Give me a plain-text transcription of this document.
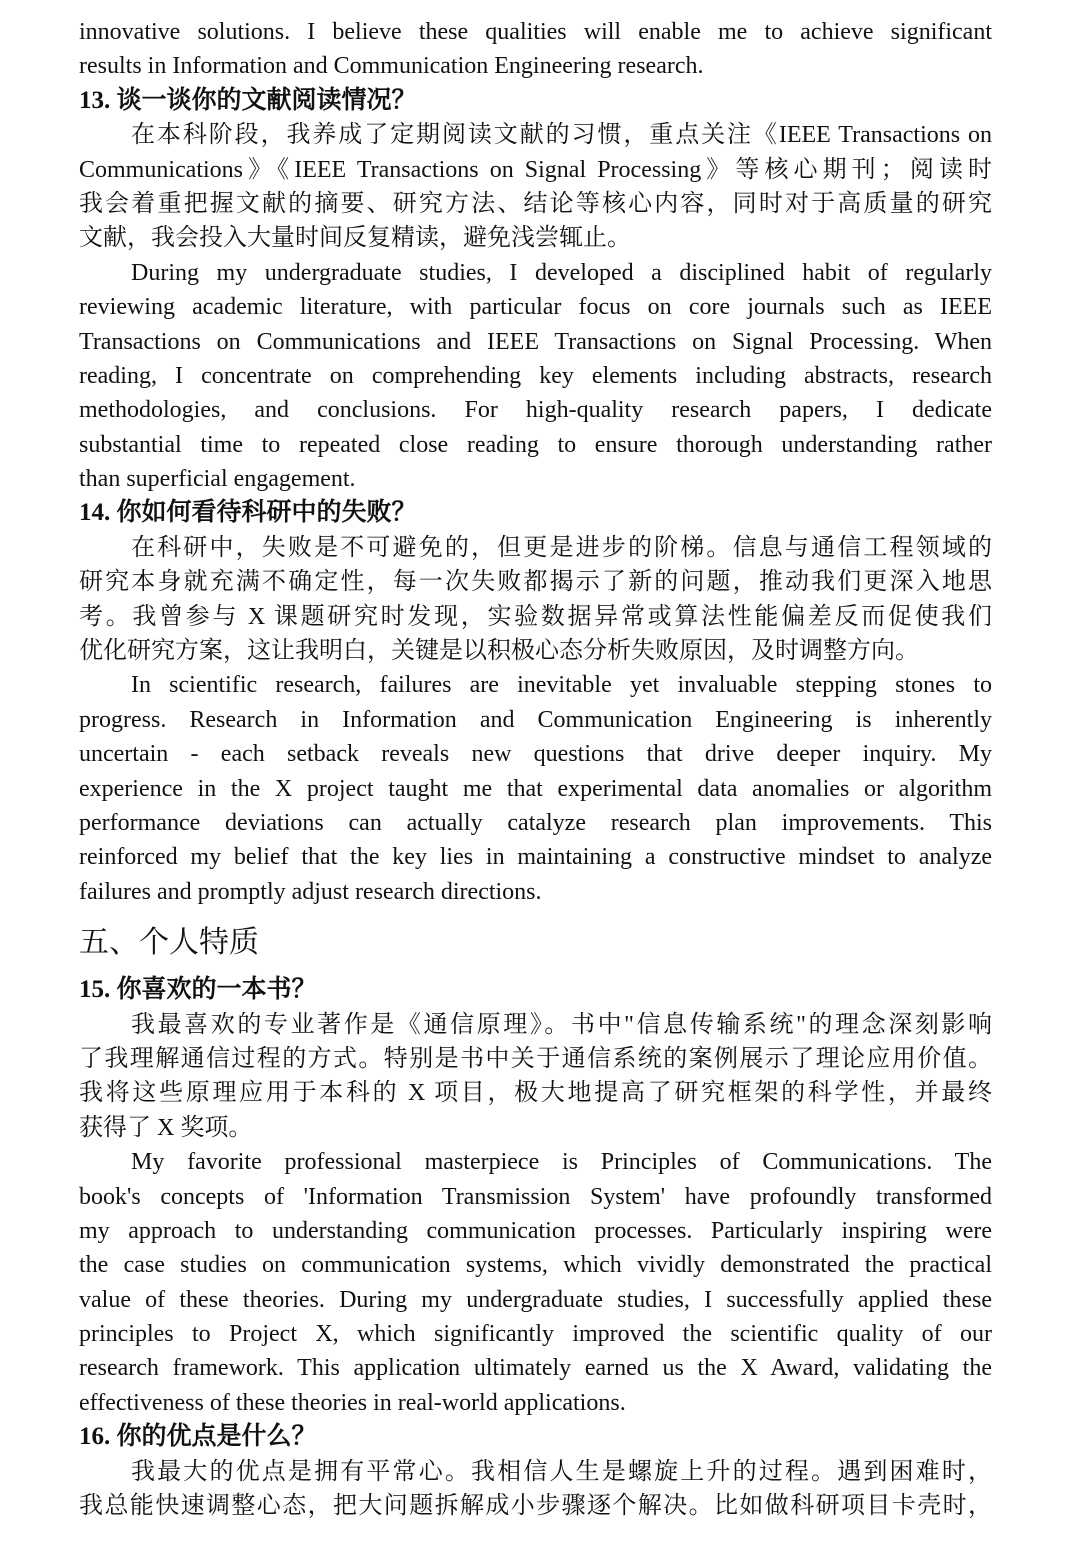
innovative solutions. I believe these qualities will enable me to achieve significant
results in Information and Communication Engineering research.
13. 谈一谈你的文献阅读情况？
在本科阶段，我养成了定期阅读文献的习惯，重点关注《IEEE Transactions on
Communications》《IEEE Transactions on Signal Processing》等核心期刊；阅读时
我会着重把握文献的摘要、研究方法、结论等核心内容，同时对于高质量的研究
文献，我会投入大量时间反复精读，避免浅尝辄止。
During my undergraduate studies, I developed a disciplined habit of regularly
reviewing academic literature, with particular focus on core journals such as IEEE
Transactions on Communications and IEEE Transactions on Signal Processing. When
reading, I concentrate on comprehending key elements including abstracts, research
methodologies, and conclusions. For high-quality research papers, I dedicate
substantial time to repeated close reading to ensure thorough understanding rather
than superficial engagement.
14. 你如何看待科研中的失败？
在科研中，失败是不可避免的，但更是进步的阶梯。信息与通信工程领域的
研究本身就充满不确定性，每一次失败都揭示了新的问题，推动我们更深入地思
考。我曾参与 X 课题研究时发现，实验数据异常或算法性能偏差反而促使我们
优化研究方案，这让我明白，关键是以积极心态分析失败原因，及时调整方向。
In scientific research, failures are inevitable yet invaluable stepping stones to
progress. Research in Information and Communication Engineering is inherently
uncertain - each setback reveals new questions that drive deeper inquiry. My
experience in the X project taught me that experimental data anomalies or algorithm
performance deviations can actually catalyze research plan improvements. This
reinforced my belief that the key lies in maintaining a constructive mindset to analyze
failures and promptly adjust research directions.
五、个人特质
15. 你喜欢的一本书？
我最喜欢的专业著作是《通信原理》。书中"信息传输系统"的理念深刻影响
了我理解通信过程的方式。特别是书中关于通信系统的案例展示了理论应用价值。
我将这些原理应用于本科的 X 项目，极大地提高了研究框架的科学性，并最终
获得了 X 奖项。
My favorite professional masterpiece is Principles of Communications. The
book's concepts of 'Information Transmission System' have profoundly transformed
my approach to understanding communication processes. Particularly inspiring were
the case studies on communication systems, which vividly demonstrated the practical
value of these theories. During my undergraduate studies, I successfully applied these
principles to Project X, which significantly improved the scientific quality of our
research framework. This application ultimately earned us the X Award, validating the
effectiveness of these theories in real-world applications.
16. 你的优点是什么？
我最大的优点是拥有平常心。我相信人生是螺旋上升的过程。遇到困难时，
我总能快速调整心态，把大问题拆解成小步骤逐个解决。比如做科研项目卡壳时，
